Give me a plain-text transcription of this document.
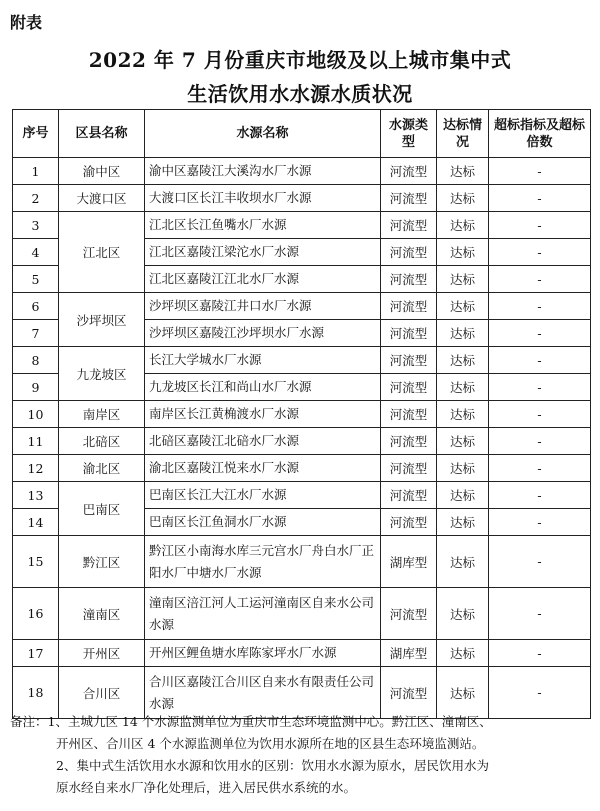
附表
2022 年 7 月份重庆市地级及以上城市集中式
生活饮用水水源水质状况
序号	区县名称	水源名称	水源类型	达标情况	超标指标及超标倍数
1	渝中区	渝中区嘉陵江大溪沟水厂水源	河流型	达标	-
2	大渡口区	大渡口区长江丰收坝水厂水源	河流型	达标	-
3	江北区	江北区长江鱼嘴水厂水源	河流型	达标	-
4		江北区嘉陵江梁沱水厂水源	河流型	达标	-
5		江北区嘉陵江江北水厂水源	河流型	达标	-
6	沙坪坝区	沙坪坝区嘉陵江井口水厂水源	河流型	达标	-
7		沙坪坝区嘉陵江沙坪坝水厂水源	河流型	达标	-
8	九龙坡区	长江大学城水厂水源	河流型	达标	-
9		九龙坡区长江和尚山水厂水源	河流型	达标	-
10	南岸区	南岸区长江黄桷渡水厂水源	河流型	达标	-
11	北碚区	北碚区嘉陵江北碚水厂水源	河流型	达标	-
12	渝北区	渝北区嘉陵江悦来水厂水源	河流型	达标	-
13	巴南区	巴南区长江大江水厂水源	河流型	达标	-
14		巴南区长江鱼洞水厂水源	河流型	达标	-
15	黔江区	黔江区小南海水库三元宫水厂舟白水厂正阳水厂中塘水厂水源	湖库型	达标	-
16	潼南区	潼南区涪江河人工运河潼南区自来水公司水源	河流型	达标	-
17	开州区	开州区鲤鱼塘水库陈家坪水厂水源	湖库型	达标	-
18	合川区	合川区嘉陵江合川区自来水有限责任公司水源	河流型	达标	-

备注：1、主城九区 14 个水源监测单位为重庆市生态环境监测中心。黔江区、潼南区、

开州区、合川区 4 个水源监测单位为饮用水源所在地的区县生态环境监测站。

2、集中式生活饮用水水源和饮用水的区别：饮用水水源为原水，居民饮用水为

原水经自来水厂净化处理后，进入居民供水系统的水。
